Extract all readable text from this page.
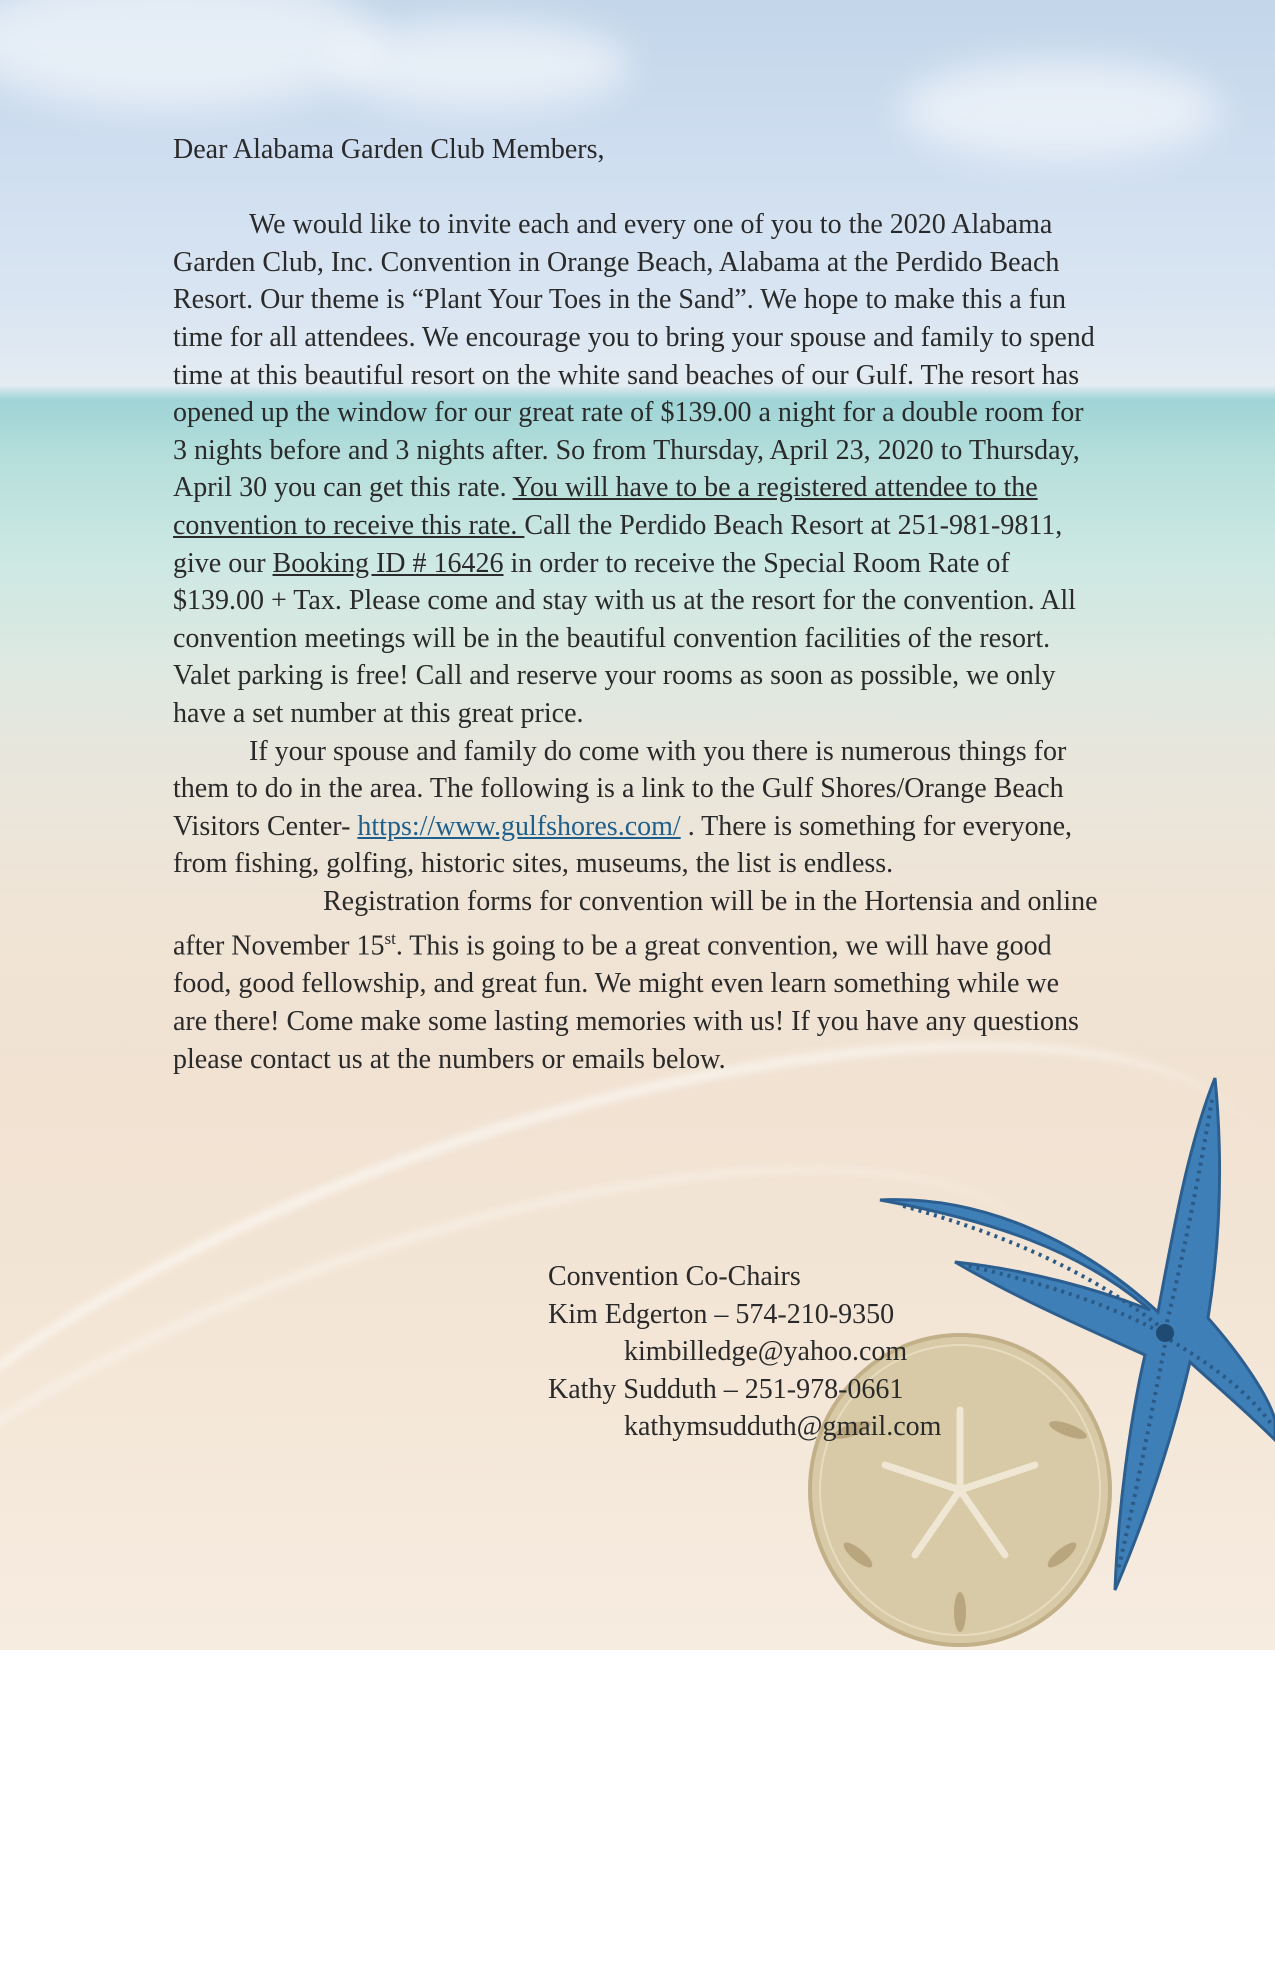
Dear Alabama Garden Club Members,

We would like to invite each and every one of you to the 2020 Alabama Garden Club, Inc. Convention in Orange Beach, Alabama at the Perdido Beach Resort. Our theme is “Plant Your Toes in the Sand”. We hope to make this a fun time for all attendees. We encourage you to bring your spouse and family to spend time at this beautiful resort on the white sand beaches of our Gulf. The resort has opened up the window for our great rate of $139.00 a night for a double room for 3 nights before and 3 nights after. So from Thursday, April 23, 2020 to Thursday, April 30 you can get this rate. You will have to be a registered attendee to the convention to receive this rate. Call the Perdido Beach Resort at 251-981-9811, give our Booking ID # 16426 in order to receive the Special Room Rate of $139.00 + Tax. Please come and stay with us at the resort for the convention. All convention meetings will be in the beautiful convention facilities of the resort. Valet parking is free! Call and reserve your rooms as soon as possible, we only have a set number at this great price.

If your spouse and family do come with you there is numerous things for them to do in the area. The following is a link to the Gulf Shores/Orange Beach Visitors Center- https://www.gulfshores.com/ . There is something for everyone, from fishing, golfing, historic sites, museums, the list is endless.

Registration forms for convention will be in the Hortensia and online after November 15st. This is going to be a great convention, we will have good food, good fellowship, and great fun. We might even learn something while we are there! Come make some lasting memories with us! If you have any questions please contact us at the numbers or emails below.

Convention Co-Chairs
Kim Edgerton – 574-210-9350
kimbilledge@yahoo.com
Kathy Sudduth – 251-978-0661
kathymsudduth@gmail.com
